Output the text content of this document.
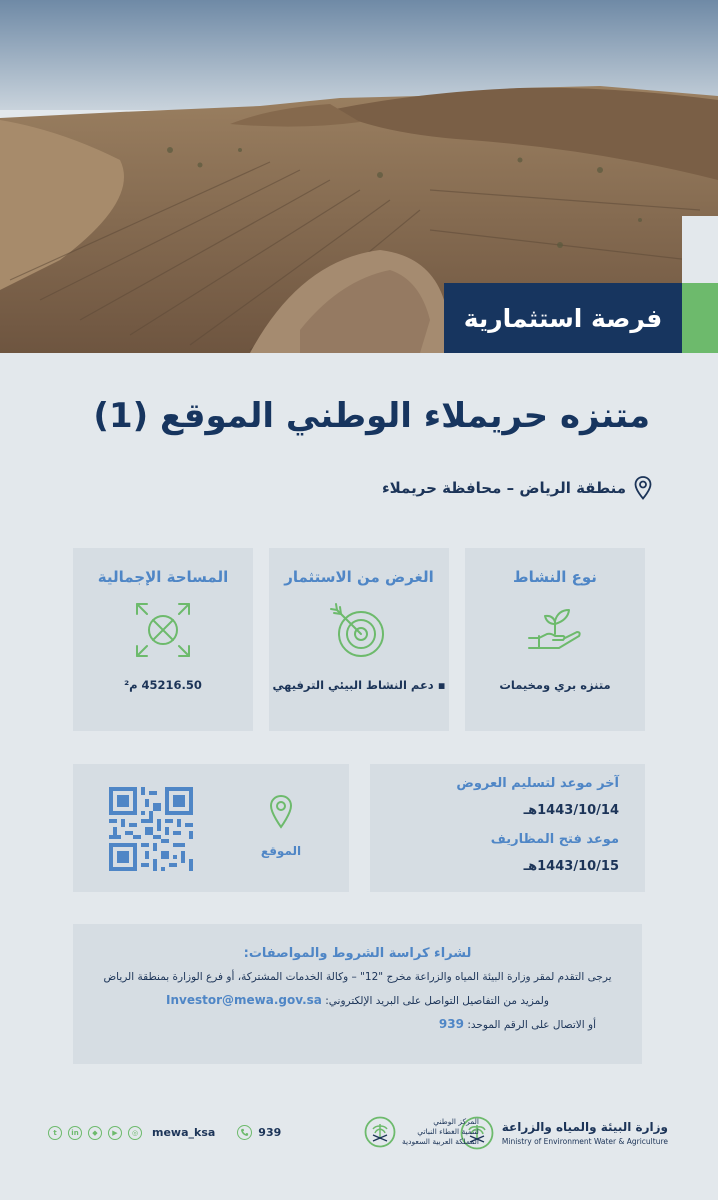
فرصة استثمارية
متنزه حريملاء الوطني الموقع (1)
منطقة الرياض – محافظة حريملاء
نوع النشاط
متنزه بري ومخيمات
الغرض من الاستثمار
▪ دعم النشاط البيئي الترفيهي
المساحة الإجمالية
45216.50 م²
آخر موعد لتسليم العروض
1443/10/14هـ
موعد فتح المظاريف
1443/10/15هـ
الموقع
لشراء كراسة الشروط والمواصفات:
يرجى التقدم لمقر وزارة البيئة المياه والزراعة مخرج "12" – وكالة الخدمات المشتركة، أو فرع الوزارة بمنطقة الرياض
ولمزيد من التفاصيل التواصل على البريد الإلكتروني: Investor@mewa.gov.sa
أو الاتصال على الرقم الموحد: 939
وزارة البيئة والمياه والزراعة
Ministry of Environment Water & Agriculture
المركز الوطني
لتنمية الغطاء النباتي
المملكة العربية السعودية
t	in	◆	▶	◎	mewa_ksa	939
